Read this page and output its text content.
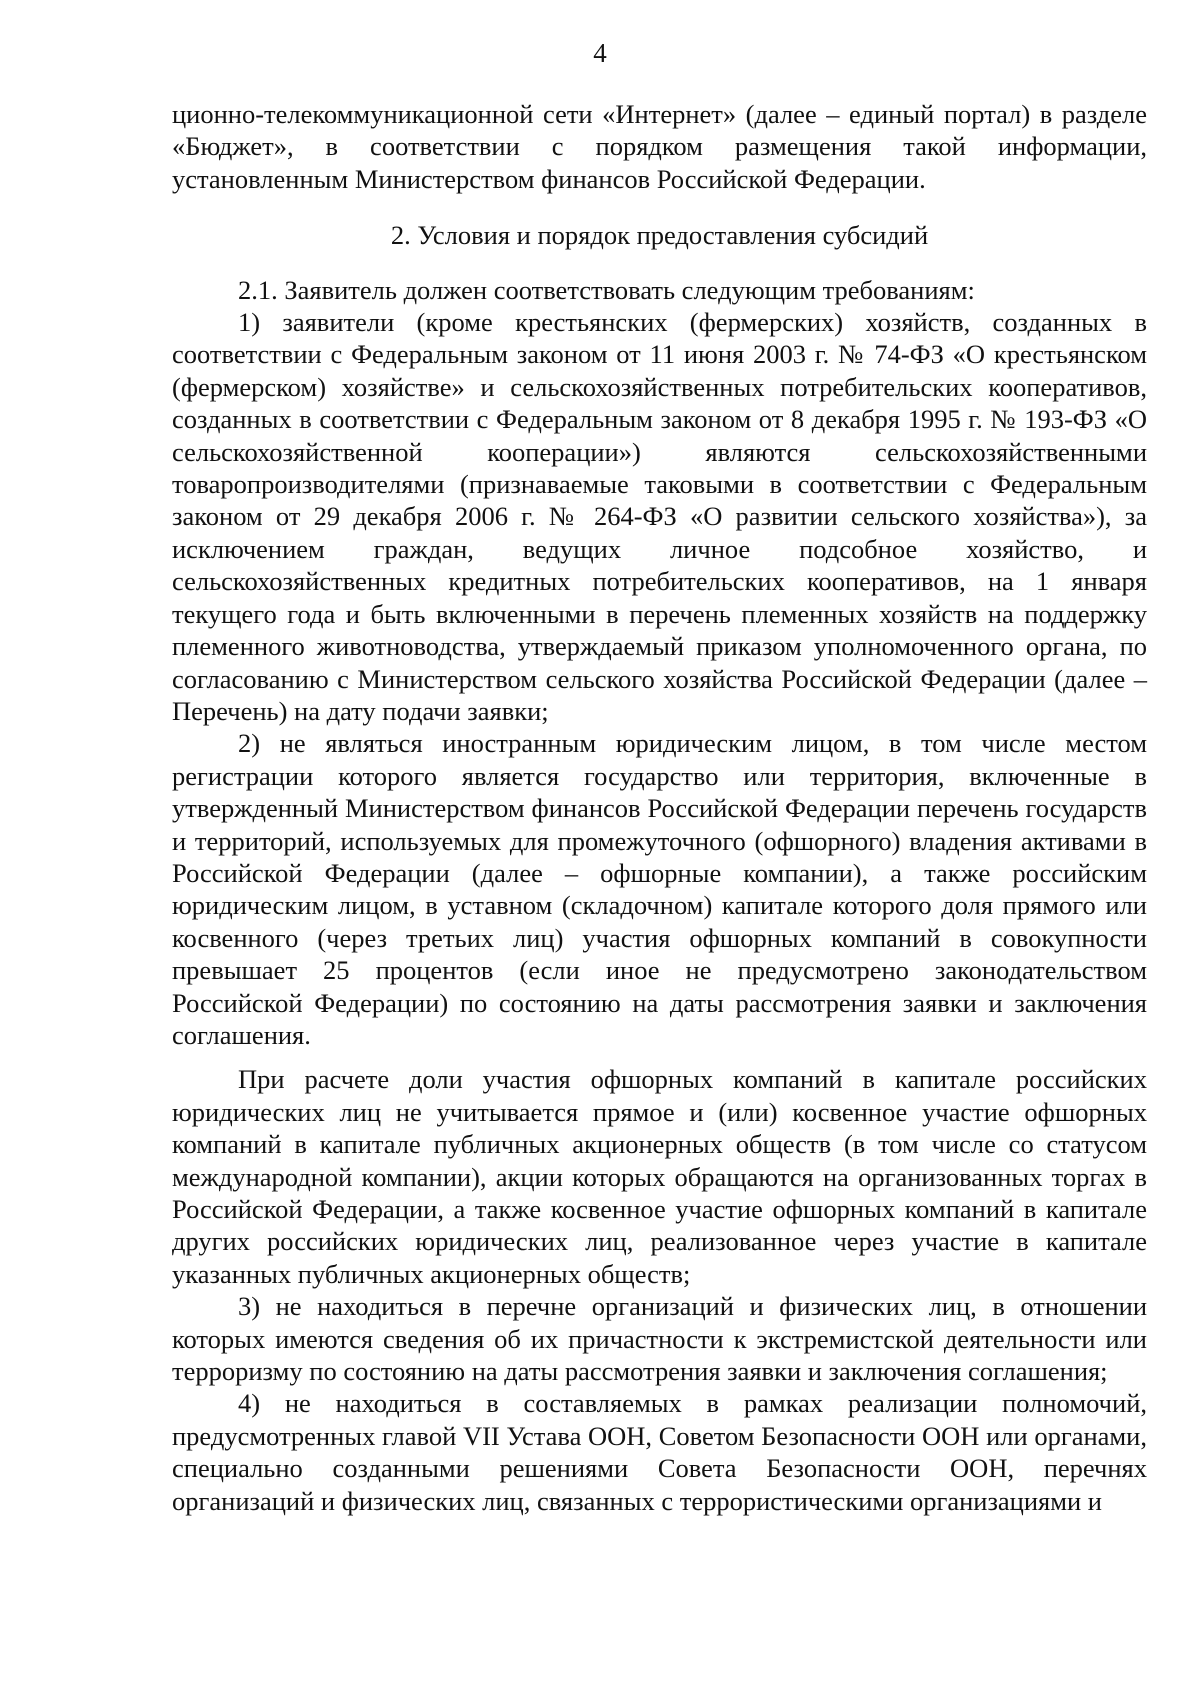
4

ционно-телекоммуникационной сети «Интернет» (далее – единый портал) в разделе «Бюджет», в соответствии с порядком размещения такой информации, установленным Министерством финансов Российской Федерации.

2. Условия и порядок предоставления субсидий

2.1. Заявитель должен соответствовать следующим требованиям:

1) заявители (кроме крестьянских (фермерских) хозяйств, созданных в соответствии с Федеральным законом от 11 июня 2003 г. № 74-ФЗ «О крестьянском (фермерском) хозяйстве» и сельскохозяйственных потребительских кооперативов, созданных в соответствии с Федеральным законом от 8 декабря 1995 г. № 193-ФЗ «О сельскохозяйственной кооперации») являются сельскохозяйственными товаропроизводителями (признаваемые таковыми в соответствии с Федеральным законом от 29 декабря 2006 г. № 264-ФЗ «О развитии сельского хозяйства»), за исключением граждан, ведущих личное подсобное хозяйство, и сельскохозяйственных кредитных потребительских кооперативов, на 1 января текущего года и быть включенными в перечень племенных хозяйств на поддержку племенного животноводства, утверждаемый приказом уполномоченного органа, по согласованию с Министерством сельского хозяйства Российской Федерации (далее – Перечень) на дату подачи заявки;

2) не являться иностранным юридическим лицом, в том числе местом регистрации которого является государство или территория, включенные в утвержденный Министерством финансов Российской Федерации перечень государств и территорий, используемых для промежуточного (офшорного) владения активами в Российской Федерации (далее – офшорные компании), а также российским юридическим лицом, в уставном (складочном) капитале которого доля прямого или косвенного (через третьих лиц) участия офшорных компаний в совокупности превышает 25 процентов (если иное не предусмотрено законодательством Российской Федерации) по состоянию на даты рассмотрения заявки и заключения соглашения.

При расчете доли участия офшорных компаний в капитале российских юридических лиц не учитывается прямое и (или) косвенное участие офшорных компаний в капитале публичных акционерных обществ (в том числе со статусом международной компании), акции которых обращаются на организованных торгах в Российской Федерации, а также косвенное участие офшорных компаний в капитале других российских юридических лиц, реализованное через участие в капитале указанных публичных акционерных обществ;

3) не находиться в перечне организаций и физических лиц, в отношении которых имеются сведения об их причастности к экстремистской деятельности или терроризму по состоянию на даты рассмотрения заявки и заключения соглашения;

4) не находиться в составляемых в рамках реализации полномочий, предусмотренных главой VII Устава ООН, Советом Безопасности ООН или органами, специально созданными решениями Совета Безопасности ООН, перечнях организаций и физических лиц, связанных с террористическими организациями и
